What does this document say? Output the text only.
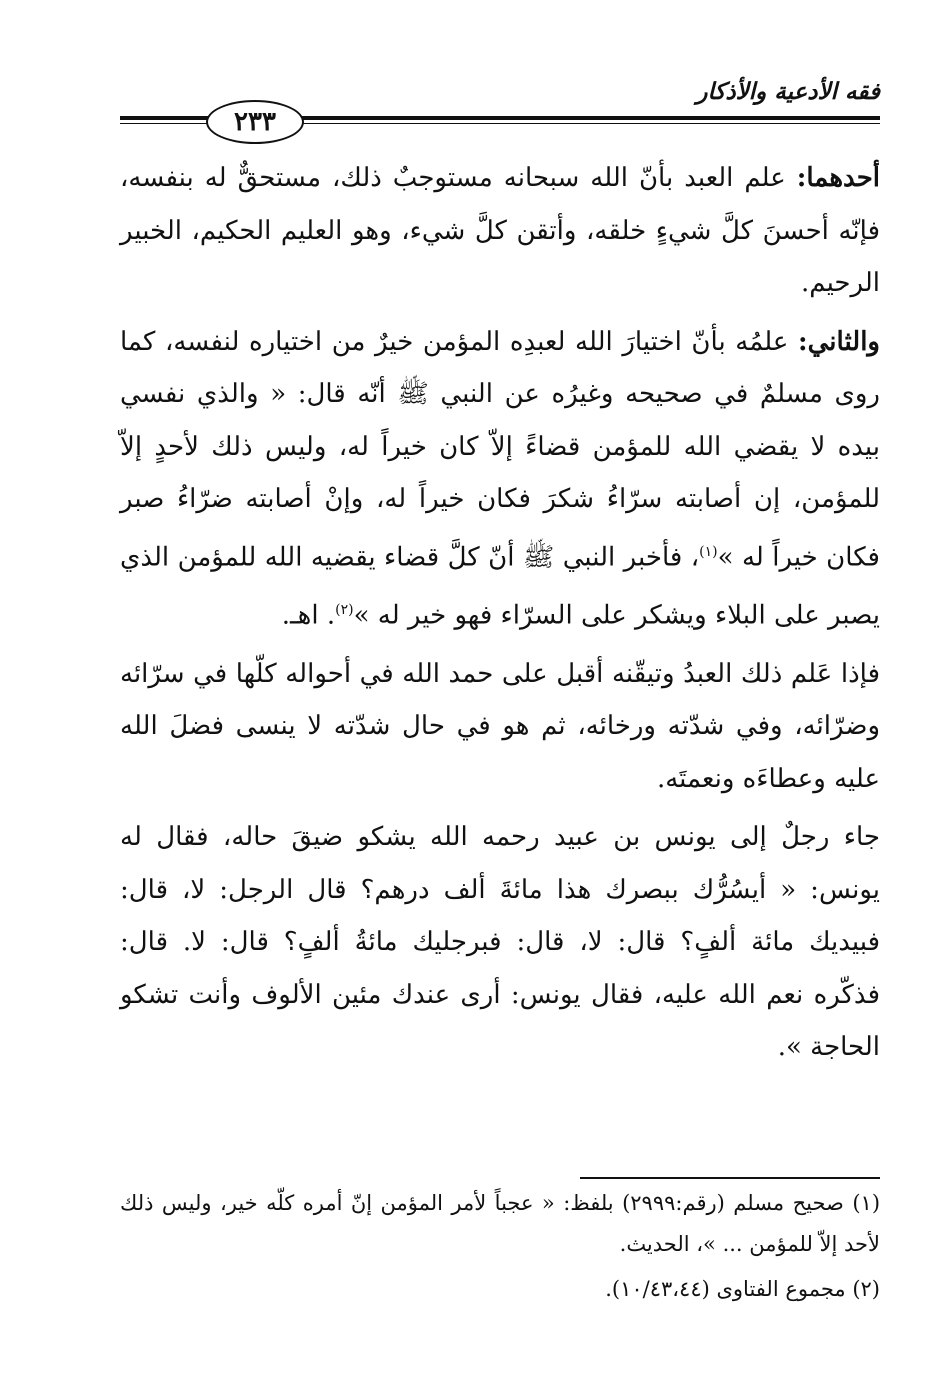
فقه الأدعية والأذكار
٢٣٣

أحدهما: علم العبد بأنّ الله سبحانه مستوجبٌ ذلك، مستحقٌّ له بنفسه، فإنّه أحسنَ كلَّ شيءٍ خلقه، وأتقن كلَّ شيء، وهو العليم الحكيم، الخبير الرحيم.

والثاني: علمُه بأنّ اختيارَ الله لعبدِه المؤمن خيرٌ من اختياره لنفسه، كما روى مسلمٌ في صحيحه وغيرُه عن النبي ﷺ أنّه قال: « والذي نفسي بيده لا يقضي الله للمؤمن قضاءً إلاّ كان خيراً له، وليس ذلك لأحدٍ إلاّ للمؤمن، إن أصابته سرّاءُ شكرَ فكان خيراً له، وإنْ أصابته ضرّاءُ صبر فكان خيراً له »$^{(١)}$، فأخبر النبي ﷺ أنّ كلَّ قضاء يقضيه الله للمؤمن الذي يصبر على البلاء ويشكر على السرّاء فهو خير له »$^{(٢)}$. اهـ.

فإذا عَلم ذلك العبدُ وتيقّنه أقبل على حمد الله في أحواله كلّها في سرّائه وضرّائه، وفي شدّته ورخائه، ثم هو في حال شدّته لا ينسى فضلَ الله عليه وعطاءَه ونعمتَه.

جاء رجلٌ إلى يونس بن عبيد رحمه الله يشكو ضيقَ حاله، فقال له يونس: « أيسُرُّك ببصرك هذا مائةَ ألف درهم؟ قال الرجل: لا، قال: فبيديك مائة ألفٍ؟ قال: لا، قال: فبرجليك مائةُ ألفٍ؟ قال: لا. قال: فذكّره نعم الله عليه، فقال يونس: أرى عندك مئين الألوف وأنت تشكو الحاجة ».

(١) صحيح مسلم (رقم:٢٩٩٩) بلفظ: « عجباً لأمر المؤمن إنّ أمره كلّه خير، وليس ذلك لأحد إلاّ للمؤمن ... »، الحديث.

(٢) مجموع الفتاوى (١٠/٤٣،٤٤).
